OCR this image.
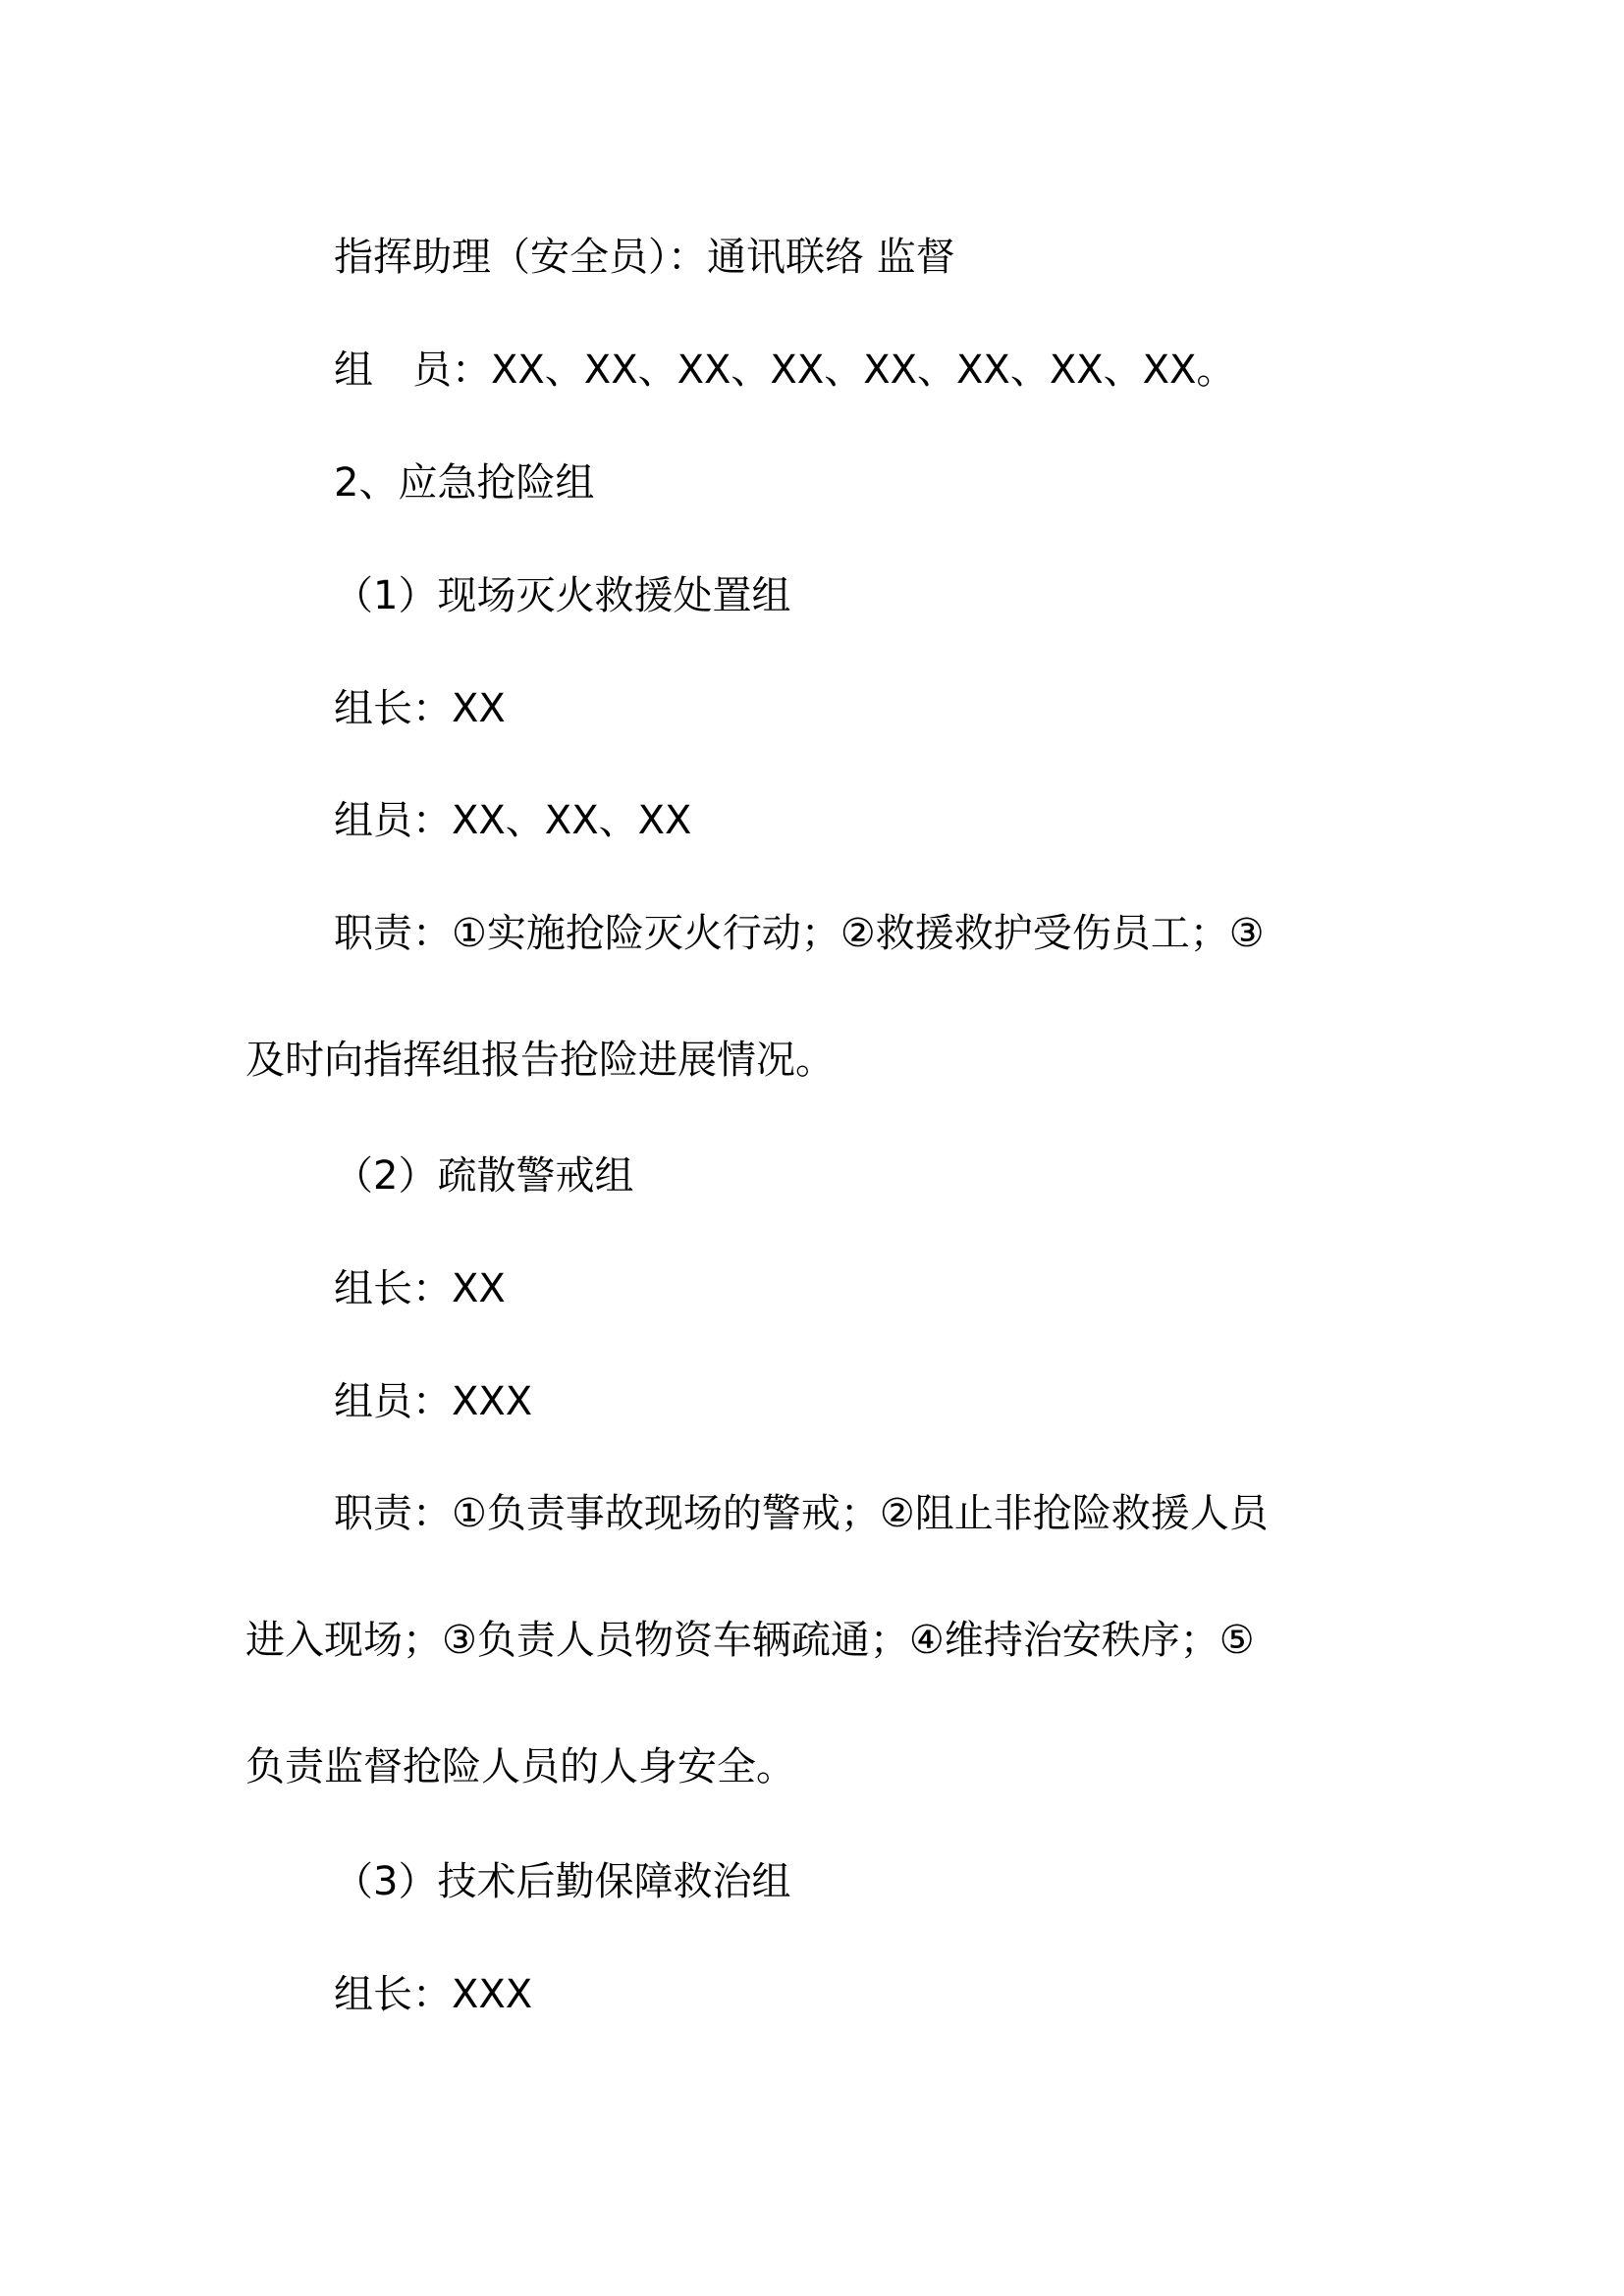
指挥助理（安全员）：通讯联络 监督

组　员：XX、XX、XX、XX、XX、XX、XX、XX。

2、应急抢险组

（1）现场灭火救援处置组

组长：XX

组员：XX、XX、XX

职责：①实施抢险灭火行动；②救援救护受伤员工；③

及时向指挥组报告抢险进展情况。

（2）疏散警戒组

组长：XX

组员：XXX

职责：①负责事故现场的警戒；②阻止非抢险救援人员

进入现场；③负责人员物资车辆疏通；④维持治安秩序；⑤

负责监督抢险人员的人身安全。

（3）技术后勤保障救治组

组长：XXX
